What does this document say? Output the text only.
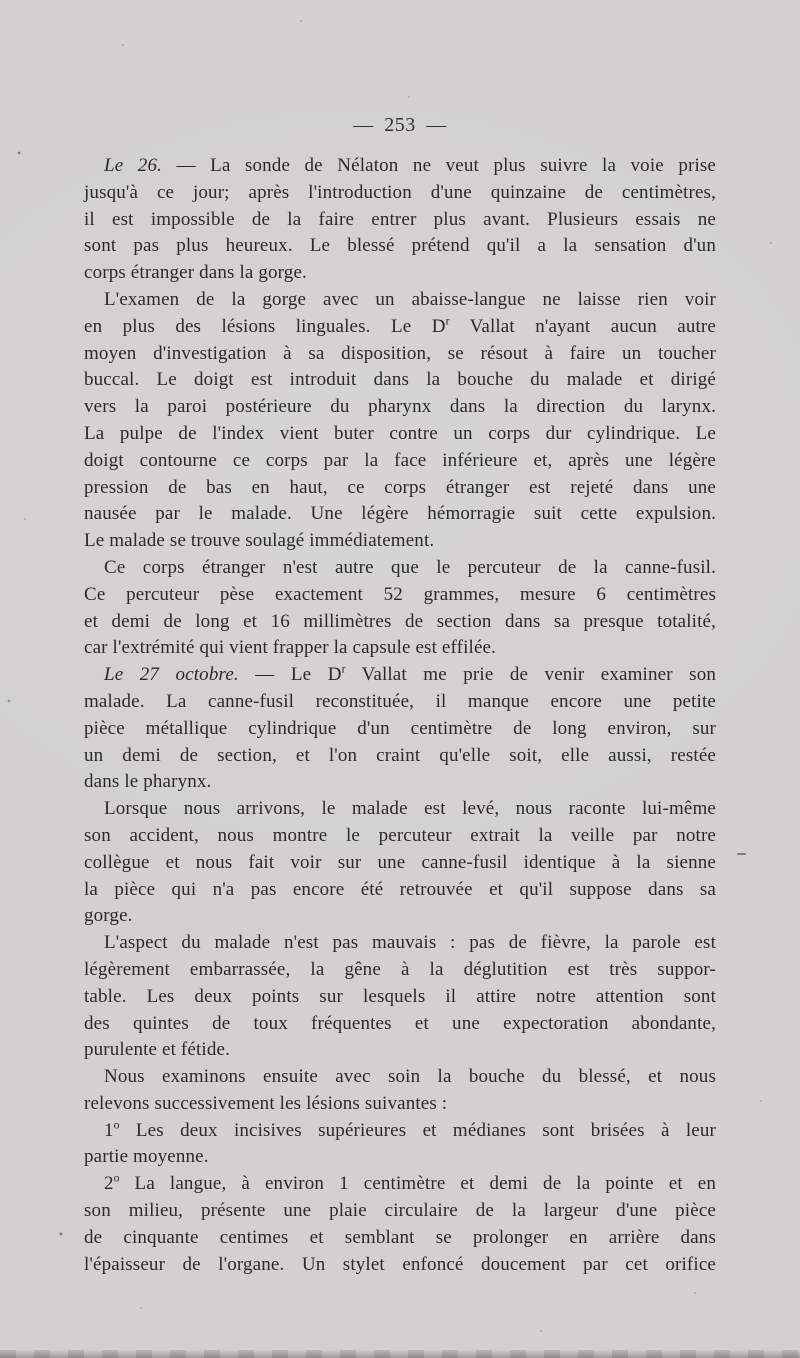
— 253 —
Le 26. — La sonde de Nélaton ne veut plus suivre la voie prise
jusqu'à ce jour; après l'introduction d'une quinzaine de centimètres,
il est impossible de la faire entrer plus avant. Plusieurs essais ne
sont pas plus heureux. Le blessé prétend qu'il a la sensation d'un
corps étranger dans la gorge.
L'examen de la gorge avec un abaisse-langue ne laisse rien voir
en plus des lésions linguales. Le $D^r$ Vallat n'ayant aucun autre
moyen d'investigation à sa disposition, se résout à faire un toucher
buccal. Le doigt est introduit dans la bouche du malade et dirigé
vers la paroi postérieure du pharynx dans la direction du larynx.
La pulpe de l'index vient buter contre un corps dur cylindrique. Le
doigt contourne ce corps par la face inférieure et, après une légère
pression de bas en haut, ce corps étranger est rejeté dans une
nausée par le malade. Une légère hémorragie suit cette expulsion.
Le malade se trouve soulagé immédiatement.
Ce corps étranger n'est autre que le percuteur de la canne-fusil.
Ce percuteur pèse exactement 52 grammes, mesure 6 centimètres
et demi de long et 16 millimètres de section dans sa presque totalité,
car l'extrémité qui vient frapper la capsule est effilée.
Le 27 octobre. — Le $D^r$ Vallat me prie de venir examiner son
malade. La canne-fusil reconstituée, il manque encore une petite
pièce métallique cylindrique d'un centimètre de long environ, sur
un demi de section, et l'on craint qu'elle soit, elle aussi, restée
dans le pharynx.
Lorsque nous arrivons, le malade est levé, nous raconte lui-même
son accident, nous montre le percuteur extrait la veille par notre
collègue et nous fait voir sur une canne-fusil identique à la sienne
la pièce qui n'a pas encore été retrouvée et qu'il suppose dans sa
gorge.
L'aspect du malade n'est pas mauvais : pas de fièvre, la parole est
légèrement embarrassée, la gêne à la déglutition est très suppor-
table. Les deux points sur lesquels il attire notre attention sont
des quintes de toux fréquentes et une expectoration abondante,
purulente et fétide.
Nous examinons ensuite avec soin la bouche du blessé, et nous
relevons successivement les lésions suivantes :
1$^o$ Les deux incisives supérieures et médianes sont brisées à leur
partie moyenne.
2$^o$ La langue, à environ 1 centimètre et demi de la pointe et en
son milieu, présente une plaie circulaire de la largeur d'une pièce
de cinquante centimes et semblant se prolonger en arrière dans
l'épaisseur de l'organe. Un stylet enfoncé doucement par cet orifice
